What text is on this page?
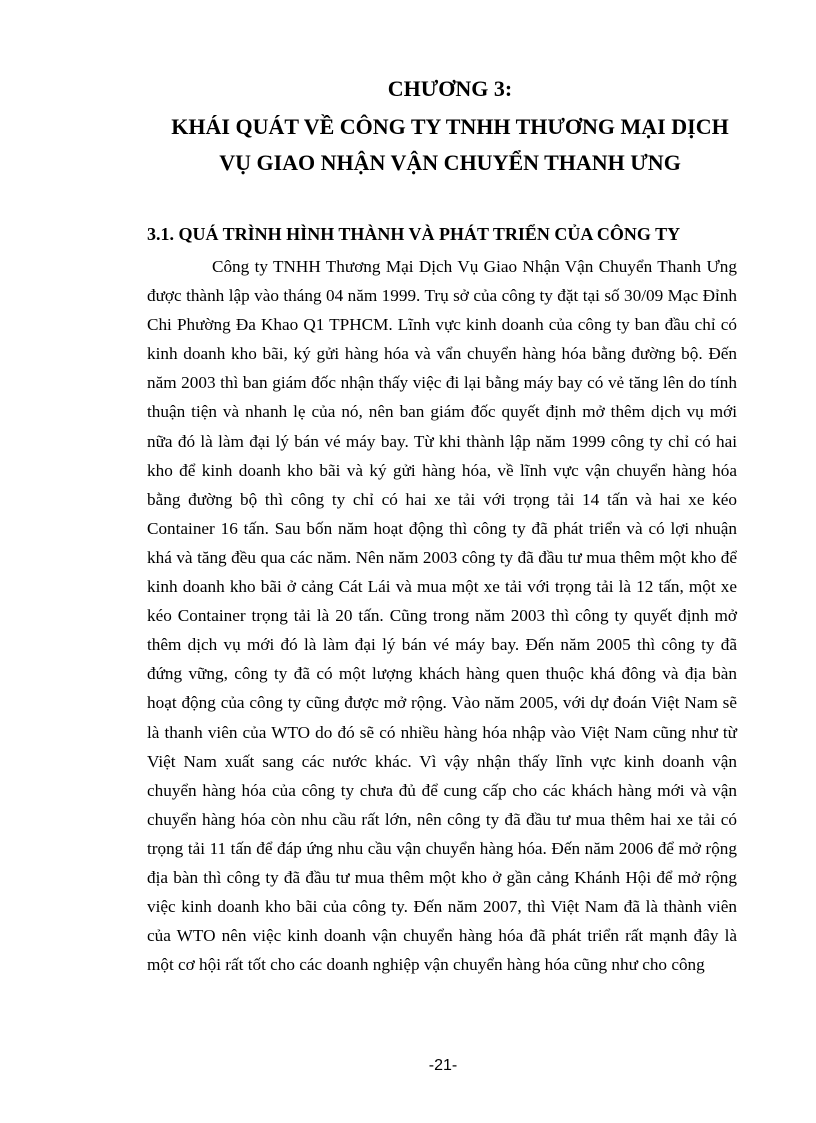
CHƯƠNG 3:
KHÁI QUÁT VỀ CÔNG TY TNHH THƯƠNG MẠI DỊCH
VỤ GIAO NHẬN VẬN CHUYỂN THANH ƯNG
3.1. QUÁ TRÌNH HÌNH THÀNH VÀ PHÁT TRIỂN CỦA CÔNG TY

Công ty TNHH Thương Mại Dịch Vụ Giao Nhận Vận Chuyển Thanh Ưng được thành lập vào tháng 04 năm 1999. Trụ sở của công ty đặt tại số 30/09 Mạc Đỉnh Chi Phường Đa Khao Q1 TPHCM. Lĩnh vực kinh doanh của công ty ban đầu chỉ có kinh doanh kho bãi, ký gửi hàng hóa và vẩn chuyển hàng hóa bằng đường bộ. Đến năm 2003 thì ban giám đốc nhận thấy việc đi lại bằng máy bay có vẻ tăng lên do tính thuận tiện và nhanh lẹ của nó, nên ban giám đốc quyết định mở thêm dịch vụ mới nữa đó là làm đại lý bán vé máy bay. Từ khi thành lập năm 1999 công ty chỉ có hai kho để kinh doanh kho bãi và ký gửi hàng hóa, về lĩnh vực vận chuyển hàng hóa bằng đường bộ thì công ty chỉ có hai xe tải với trọng tải 14 tấn và hai xe kéo Container 16 tấn. Sau bốn năm hoạt động thì công ty đã phát triển và có lợi nhuận khá và tăng đều qua các năm. Nên năm 2003 công ty đã đầu tư mua thêm một kho để kinh doanh kho bãi ở cảng Cát Lái và mua một xe tải với trọng tải là 12 tấn, một xe kéo Container trọng tải là 20 tấn. Cũng trong năm 2003 thì công ty quyết định mở thêm dịch vụ mới đó là làm đại lý bán vé máy bay. Đến năm 2005 thì công ty đã đứng vững, công ty đã có một lượng khách hàng quen thuộc khá đông và địa bàn hoạt động của công ty cũng được mở rộng. Vào năm 2005, với dự đoán Việt Nam sẽ là thanh viên của WTO do đó sẽ có nhiều hàng hóa nhập vào Việt Nam cũng như từ Việt Nam xuất sang các nước khác. Vì vậy nhận thấy lĩnh vực kinh doanh vận chuyển hàng hóa của công ty chưa đủ để cung cấp cho các khách hàng mới và vận chuyển hàng hóa còn nhu cầu rất lớn, nên công ty đã đầu tư mua thêm hai xe tải có trọng tải 11 tấn để đáp ứng nhu cầu vận chuyển hàng hóa. Đến năm 2006 để mở rộng địa bàn thì công ty đã đầu tư mua thêm một kho ở gần cảng Khánh Hội để mở rộng việc kinh doanh kho bãi của công ty. Đến năm 2007, thì Việt Nam đã là thành viên của WTO nên việc kinh doanh vận chuyển hàng hóa đã phát triển rất mạnh đây là một cơ hội rất tốt cho các doanh nghiệp vận chuyển hàng hóa cũng như cho công

-21-
